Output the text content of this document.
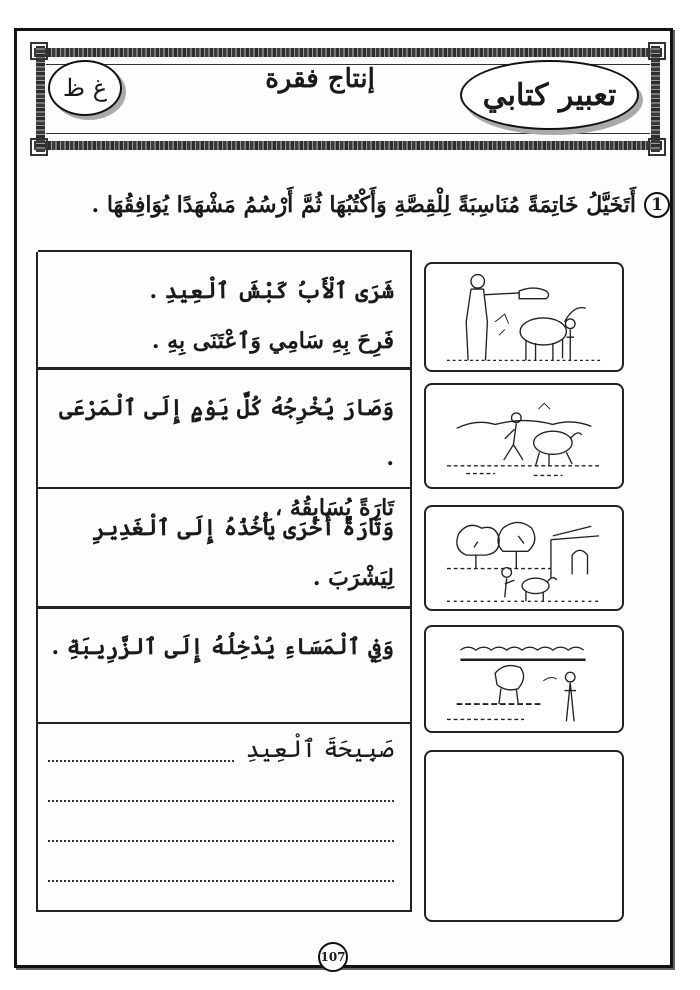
غ ظ	إنتاج فقرة	تعبير كتابي
1
أَتَخَيَّلُ خَاتِمَةً مُنَاسِبَةً لِلْقِصَّةِ وَأَكْتُبُهَا ثُمَّ أَرْسُمُ مَشْهَدًا يُوَافِقُهَا .

شَرَى ٱلْأَبُ كَبْشَ ٱلْعِيدِ .

فَرِحَ بِهِ سَامِي وَٱعْتَنَى بِهِ .

وَصَارَ يُخْرِجُهُ كُلَّ يَوْمٍ إِلَى ٱلْمَرْعَى .

تَارَةً يُسَابِقُهُ ،

وَتَارَةً أُخْرَى يَأْخُذُهُ إِلَى ٱلْغَدِيرِ

لِيَشْرَبَ .

وَفِي ٱلْمَسَاءِ يُدْخِلُهُ إِلَى ٱلزَّرِيبَةِ .

صَبِيحَةَ ٱلْعِيدِ
107
